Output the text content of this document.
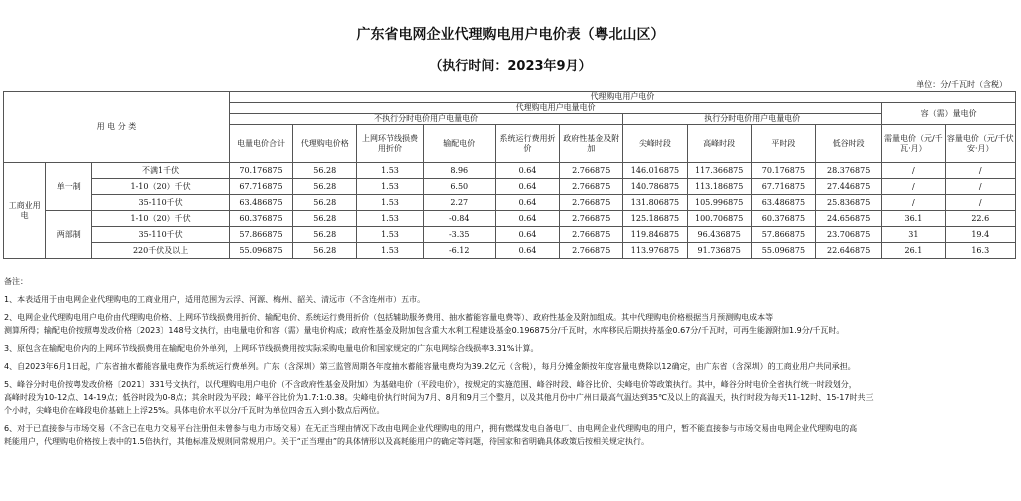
广东省电网企业代理购电用户电价表（粤北山区）
（执行时间：2023年9月）
单位：分/千瓦时（含税）
用 电 分 类			代理购电用户电价											
			代理购电用户电量电价										容（需）量电价	
			不执行分时电价用户电量电价						执行分时电价用户电量电价					
			电量电价合计	代理购电价格	上网环节线损费用折价	输配电价	系统运行费用折价	政府性基金及附加	尖峰时段	高峰时段	平时段	低谷时段	需量电价（元/千瓦·月）	容量电价（元/千伏安·月）
工商业用电	单一制	不满1千伏	70.176875	56.28	1.53	8.96	0.64	2.766875	146.016875	117.366875	70.176875	28.376875	/	/
		1-10（20）千伏	67.716875	56.28	1.53	6.50	0.64	2.766875	140.786875	113.186875	67.716875	27.446875	/	/
		35-110千伏	63.486875	56.28	1.53	2.27	0.64	2.766875	131.806875	105.996875	63.486875	25.836875	/	/
	两部制	1-10（20）千伏	60.376875	56.28	1.53	-0.84	0.64	2.766875	125.186875	100.706875	60.376875	24.656875	36.1	22.6
		35-110千伏	57.866875	56.28	1.53	-3.35	0.64	2.766875	119.846875	96.436875	57.866875	23.706875	31	19.4
		220千伏及以上	55.096875	56.28	1.53	-6.12	0.64	2.766875	113.976875	91.736875	55.096875	22.646875	26.1	16.3

备注：

1、本表适用于由电网企业代理购电的工商业用户，适用范围为云浮、河源、梅州、韶关、清远市（不含连州市）五市。

2、电网企业代理购电用户电价由代理购电价格、上网环节线损费用折价、输配电价、系统运行费用折价（包括辅助服务费用、抽水蓄能容量电费等）、政府性基金及附加组成。其中代理购电价格根据当月预测购电成本等

测算所得；输配电价按照粤发改价格〔2023〕148号文执行，由电量电价和容（需）量电价构成；政府性基金及附加包含重大水利工程建设基金0.196875分/千瓦时，水库移民后期扶持基金0.67分/千瓦时，可再生能源附加1.9分/千瓦时。

3、原包含在输配电价内的上网环节线损费用在输配电价外单列，上网环节线损费用按实际采购电量电价和国家规定的广东电网综合线损率3.31%计算。

4、自2023年6月1日起，广东省抽水蓄能容量电费作为系统运行费单列。广东（含深圳）第三监管周期各年度抽水蓄能容量电费均为39.2亿元（含税），每月分摊金额按年度容量电费除以12确定，由广东省（含深圳）的工商业用户共同承担。

5、峰谷分时电价按粤发改价格〔2021〕331号文执行，以代理购电用户电价（不含政府性基金及附加）为基础电价（平段电价），按规定的实施范围、峰谷时段、峰谷比价、尖峰电价等政策执行。其中，峰谷分时电价全省执行统一时段划分，

高峰时段为10-12点、14-19点；低谷时段为0-8点；其余时段为平段；峰平谷比价为1.7:1:0.38。尖峰电价执行时间为7月、8月和9月三个整月，以及其他月份中广州日最高气温达到35℃及以上的高温天，执行时段为每天11-12时、15-17时共三

个小时，尖峰电价在峰段电价基础上上浮25%。具体电价水平以分/千瓦时为单位四舍五入到小数点后两位。

6、对于已直接参与市场交易（不含已在电力交易平台注册但未曾参与电力市场交易）在无正当理由情况下改由电网企业代理购电的用户，拥有燃煤发电自备电厂、由电网企业代理购电的用户，暂不能直接参与市场交易由电网企业代理购电的高

耗能用户，代理购电价格按上表中的1.5倍执行，其他标准及规则同常规用户。关于“正当理由”的具体情形以及高耗能用户的确定等问题，待国家和省明确具体政策后按相关规定执行。
